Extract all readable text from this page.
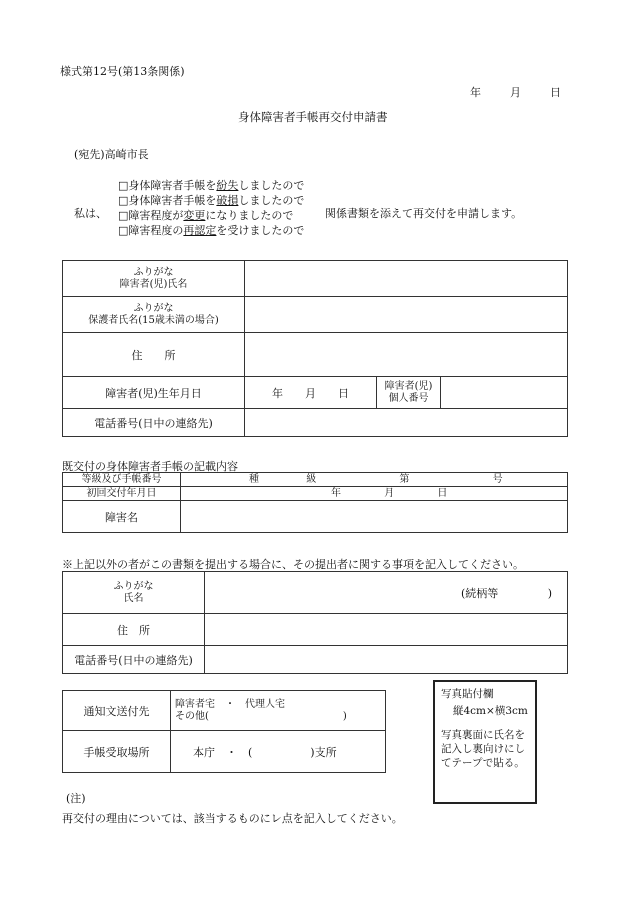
様式第12号(第13条関係)
年	月	日
身体障害者手帳再交付申請書
(宛先)高崎市長
私は、
□身体障害者手帳を紛失しましたので
□身体障害者手帳を破損しましたので
□障害程度が変更になりましたので
□障害程度の再認定を受けましたので
関係書類を添えて再交付を申請します。
ふりがな
障害者(児)氏名			

ふりがな
保護者氏名(15歳未満の場合)			

住　　所			
障害者(児)生年月日	年 月 日	障害者(児)
個人番号	

電話番号(日中の連絡先)			
既交付の身体障害者手帳の記載内容
等級及び手帳番号	種 級 第 号
初回交付年月日	年 月 日
障害名	
※上記以外の者がこの書類を提出する場合に、その提出者に関する事項を記入してください。
ふりがな
氏名	(続柄等 )
住　所	
電話番号(日中の連絡先)	
通知文送付先	障害者宅　・　代理人宅
その他( )

手帳受取場所	本庁　・　( )支所
写真貼付欄
縦4cm×横3cm
写真裏面に氏名を記入し裏向けにしてテープで貼る。
(注)
再交付の理由については、該当するものにレ点を記入してください。
